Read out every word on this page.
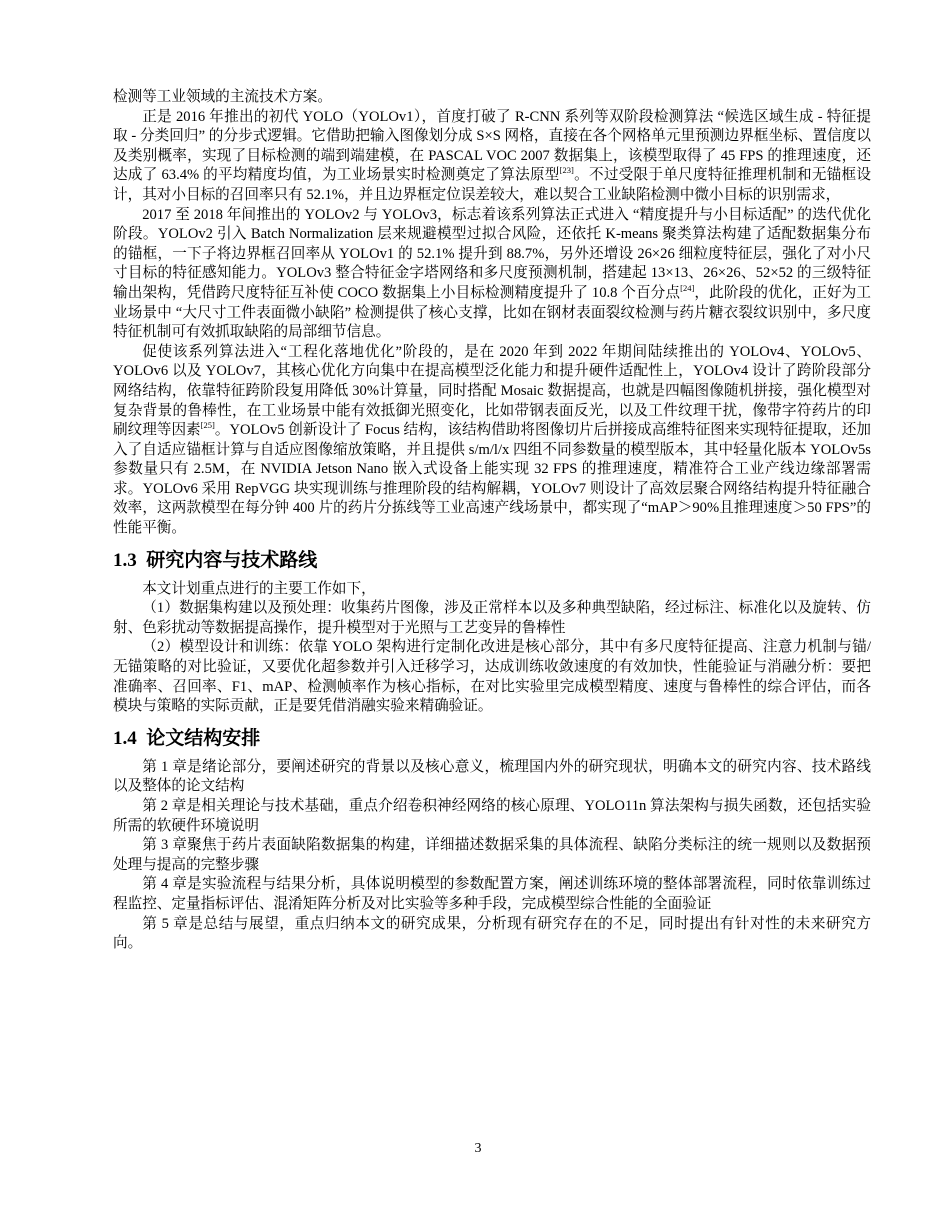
检测等工业领域的主流技术方案。

正是 2016 年推出的初代 YOLO（YOLOv1），首度打破了 R-CNN 系列等双阶段检测算法 “候选区域生成 - 特征提取 - 分类回归” 的分步式逻辑。它借助把输入图像划分成 S×S 网格，直接在各个网格单元里预测边界框坐标、置信度以及类别概率，实现了目标检测的端到端建模，在 PASCAL VOC 2007 数据集上，该模型取得了 45 FPS 的推理速度，还达成了 63.4% 的平均精度均值，为工业场景实时检测奠定了算法原型[23]。不过受限于单尺度特征推理机制和无锚框设计，其对小目标的召回率只有 52.1%，并且边界框定位误差较大，难以契合工业缺陷检测中微小目标的识别需求，

2017 至 2018 年间推出的 YOLOv2 与 YOLOv3，标志着该系列算法正式进入 “精度提升与小目标适配” 的迭代优化阶段。YOLOv2 引入 Batch Normalization 层来规避模型过拟合风险，还依托 K-means 聚类算法构建了适配数据集分布的锚框，一下子将边界框召回率从 YOLOv1 的 52.1% 提升到 88.7%，另外还增设 26×26 细粒度特征层，强化了对小尺寸目标的特征感知能力。YOLOv3 整合特征金字塔网络和多尺度预测机制，搭建起 13×13、26×26、52×52 的三级特征输出架构，凭借跨尺度特征互补使 COCO 数据集上小目标检测精度提升了 10.8 个百分点[24]，此阶段的优化，正好为工业场景中 “大尺寸工件表面微小缺陷” 检测提供了核心支撑，比如在钢材表面裂纹检测与药片糖衣裂纹识别中，多尺度特征机制可有效抓取缺陷的局部细节信息。

促使该系列算法进入“工程化落地优化”阶段的，是在 2020 年到 2022 年期间陆续推出的 YOLOv4、YOLOv5、YOLOv6 以及 YOLOv7，其核心优化方向集中在提高模型泛化能力和提升硬件适配性上，YOLOv4 设计了跨阶段部分网络结构，依靠特征跨阶段复用降低 30%计算量，同时搭配 Mosaic 数据提高，也就是四幅图像随机拼接，强化模型对复杂背景的鲁棒性，在工业场景中能有效抵御光照变化，比如带钢表面反光，以及工件纹理干扰，像带字符药片的印刷纹理等因素[25]。YOLOv5 创新设计了 Focus 结构，该结构借助将图像切片后拼接成高维特征图来实现特征提取，还加入了自适应锚框计算与自适应图像缩放策略，并且提供 s/m/l/x 四组不同参数量的模型版本，其中轻量化版本 YOLOv5s 参数量只有 2.5M，在 NVIDIA Jetson Nano 嵌入式设备上能实现 32 FPS 的推理速度，精准符合工业产线边缘部署需求。YOLOv6 采用 RepVGG 块实现训练与推理阶段的结构解耦，YOLOv7 则设计了高效层聚合网络结构提升特征融合效率，这两款模型在每分钟 400 片的药片分拣线等工业高速产线场景中，都实现了“mAP＞90%且推理速度＞50 FPS”的性能平衡。

1.3 研究内容与技术路线

本文计划重点进行的主要工作如下，

（1）数据集构建以及预处理：收集药片图像，涉及正常样本以及多种典型缺陷，经过标注、标准化以及旋转、仿射、色彩扰动等数据提高操作，提升模型对于光照与工艺变异的鲁棒性

（2）模型设计和训练：依靠 YOLO 架构进行定制化改进是核心部分，其中有多尺度特征提高、注意力机制与锚/无锚策略的对比验证，又要优化超参数并引入迁移学习，达成训练收敛速度的有效加快，性能验证与消融分析：要把准确率、召回率、F1、mAP、检测帧率作为核心指标，在对比实验里完成模型精度、速度与鲁棒性的综合评估，而各模块与策略的实际贡献，正是要凭借消融实验来精确验证。

1.4 论文结构安排

第 1 章是绪论部分，要阐述研究的背景以及核心意义，梳理国内外的研究现状，明确本文的研究内容、技术路线以及整体的论文结构

第 2 章是相关理论与技术基础，重点介绍卷积神经网络的核心原理、YOLO11n 算法架构与损失函数，还包括实验所需的软硬件环境说明

第 3 章聚焦于药片表面缺陷数据集的构建，详细描述数据采集的具体流程、缺陷分类标注的统一规则以及数据预处理与提高的完整步骤

第 4 章是实验流程与结果分析，具体说明模型的参数配置方案，阐述训练环境的整体部署流程，同时依靠训练过程监控、定量指标评估、混淆矩阵分析及对比实验等多种手段，完成模型综合性能的全面验证

第 5 章是总结与展望，重点归纳本文的研究成果，分析现有研究存在的不足，同时提出有针对性的未来研究方向。

3
